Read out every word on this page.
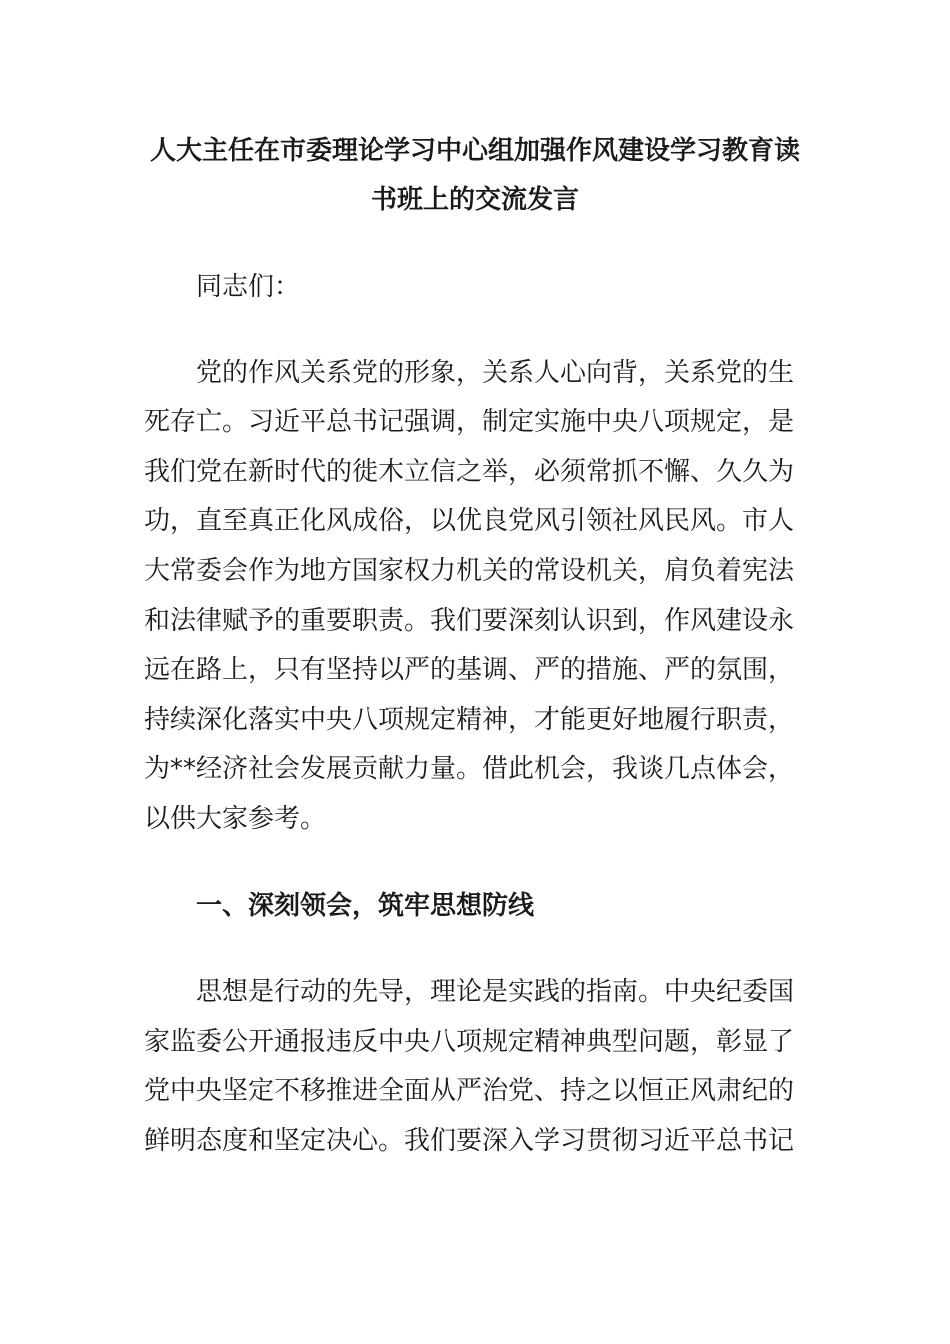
人大主任在市委理论学习中心组加强作风建设学习教育读
书班上的交流发言

同志们：

党的作风关系党的形象，关系人心向背，关系党的生

死存亡。习近平总书记强调，制定实施中央八项规定，是

我们党在新时代的徙木立信之举，必须常抓不懈、久久为

功，直至真正化风成俗，以优良党风引领社风民风。市人

大常委会作为地方国家权力机关的常设机关，肩负着宪法

和法律赋予的重要职责。我们要深刻认识到，作风建设永

远在路上，只有坚持以严的基调、严的措施、严的氛围，

持续深化落实中央八项规定精神，才能更好地履行职责，

为**经济社会发展贡献力量。借此机会，我谈几点体会，

以供大家参考。

一、深刻领会，筑牢思想防线

思想是行动的先导，理论是实践的指南。中央纪委国

家监委公开通报违反中央八项规定精神典型问题，彰显了

党中央坚定不移推进全面从严治党、持之以恒正风肃纪的

鲜明态度和坚定决心。我们要深入学习贯彻习近平总书记
